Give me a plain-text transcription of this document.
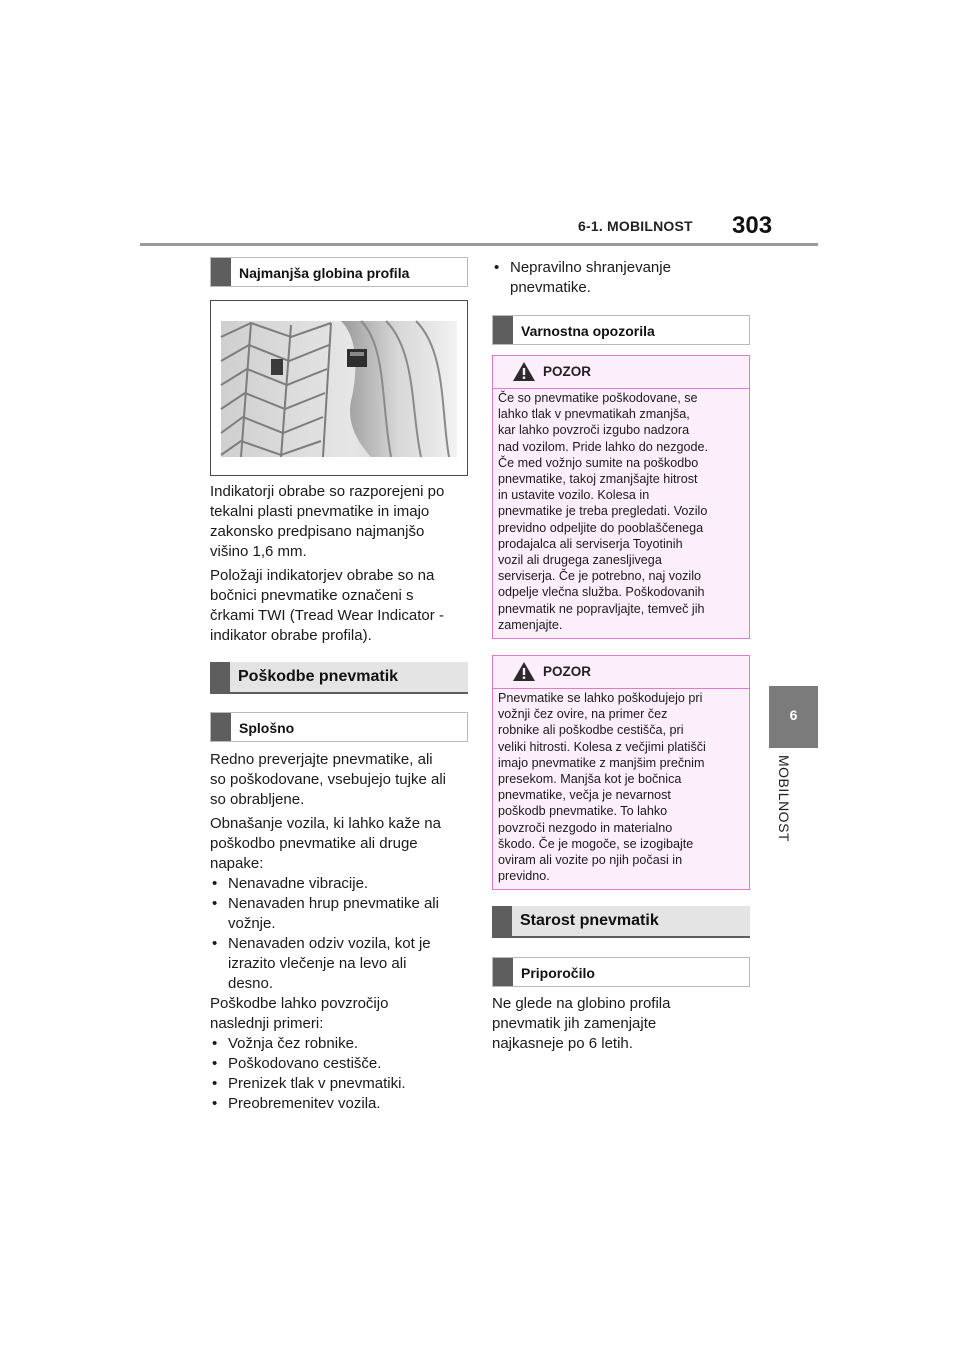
6-1. MOBILNOST 303
6
MOBILNOST
Najmanjša globina profila

Indikatorji obrabe so razporejeni po

tekalni plasti pnevmatike in imajo

zakonsko predpisano najmanjšo

višino 1,6 mm.

Položaji indikatorjev obrabe so na

bočnici pnevmatike označeni s

črkami TWI (Tread Wear Indicator -

indikator obrabe profila).

Poškodbe pnevmatik
Splošno

Redno preverjajte pnevmatike, ali

so poškodovane, vsebujejo tujke ali

so obrabljene.

Obnašanje vozila, ki lahko kaže na

poškodbo pnevmatike ali druge

napake:

• Nenavadne vibracije.
• Nenavaden hrup pnevmatike ali
vožnje.
• Nenavaden odziv vozila, kot je
izrazito vlečenje na levo ali
desno.

Poškodbe lahko povzročijo

naslednji primeri:

• Vožnja čez robnike.
• Poškodovano cestišče.
• Prenizek tlak v pnevmatiki.
• Preobremenitev vozila.
• Nepravilno shranjevanje
pnevmatike.
Varnostna opozorila
POZOR

Če so pnevmatike poškodovane, se

lahko tlak v pnevmatikah zmanjša,

kar lahko povzroči izgubo nadzora

nad vozilom. Pride lahko do nezgode.

Če med vožnjo sumite na poškodbo

pnevmatike, takoj zmanjšajte hitrost

in ustavite vozilo. Kolesa in

pnevmatike je treba pregledati. Vozilo

previdno odpeljite do pooblaščenega

prodajalca ali serviserja Toyotinih

vozil ali drugega zanesljivega

serviserja. Če je potrebno, naj vozilo

odpelje vlečna služba. Poškodovanih

pnevmatik ne popravljajte, temveč jih

zamenjajte.

POZOR

Pnevmatike se lahko poškodujejo pri

vožnji čez ovire, na primer čez

robnike ali poškodbe cestišča, pri

veliki hitrosti. Kolesa z večjimi platišči

imajo pnevmatike z manjšim prečnim

presekom. Manjša kot je bočnica

pnevmatike, večja je nevarnost

poškodb pnevmatike. To lahko

povzroči nezgodo in materialno

škodo. Če je mogoče, se izogibajte

oviram ali vozite po njih počasi in

previdno.

Starost pnevmatik
Priporočilo

Ne glede na globino profila

pnevmatik jih zamenjajte

najkasneje po 6 letih.
